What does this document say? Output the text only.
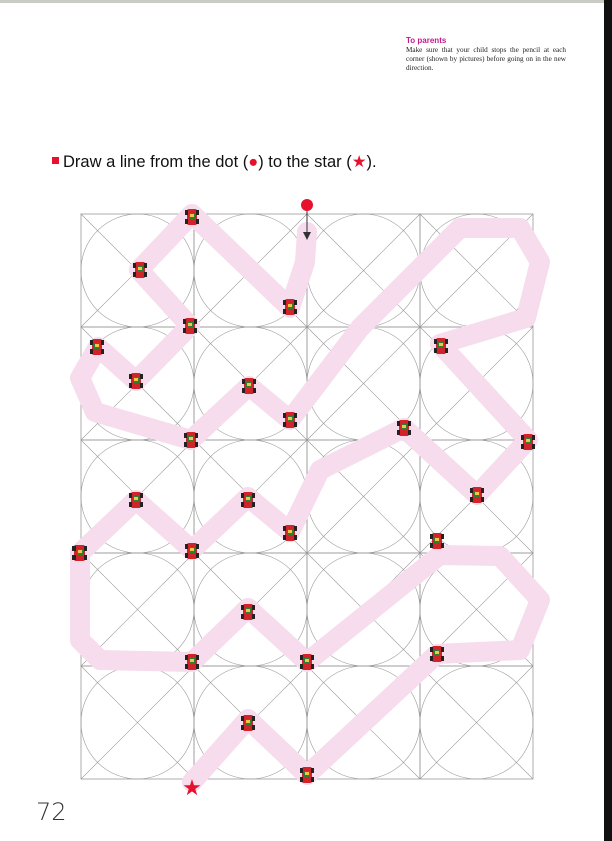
To parents
Make sure that your child stops the pencil at each corner (shown by pictures) before going on in the new direction.
Draw a line from the dot (●) to the star (★).
★
72
